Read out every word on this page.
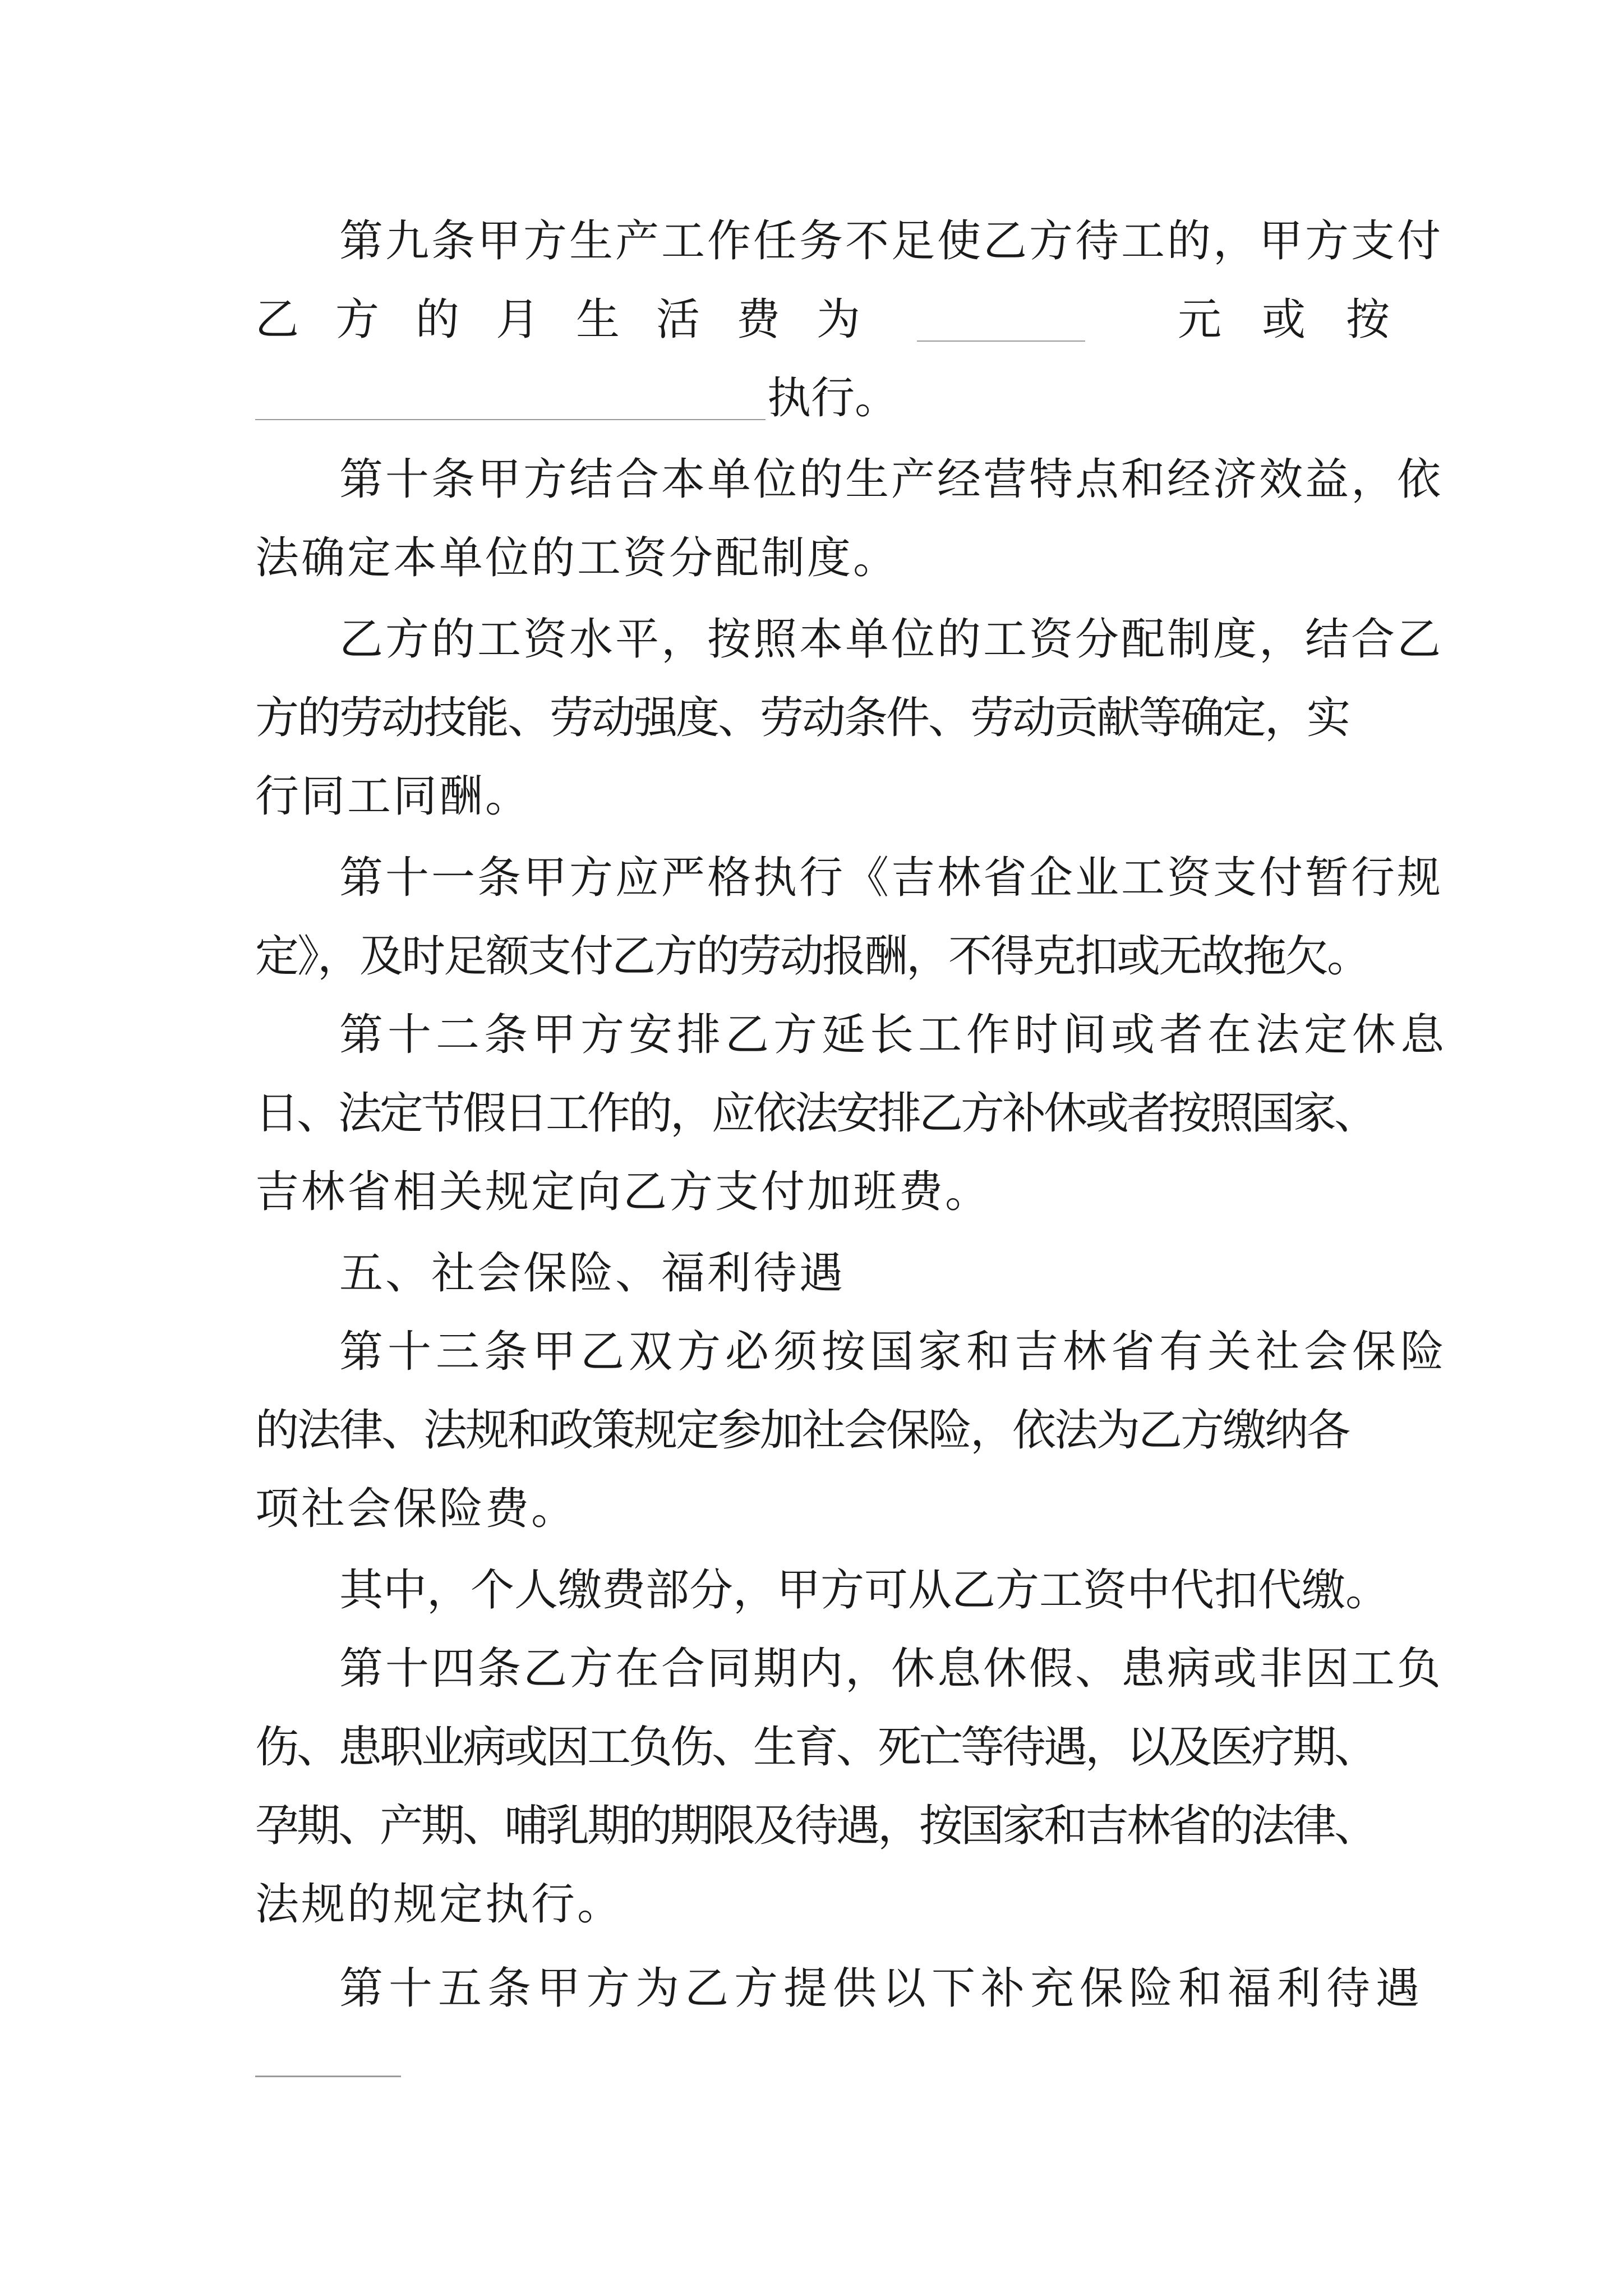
第九条甲方生产工作任务不足使乙方待工的，甲方支付
乙 方 的 月 生 活 费 为	元 或 按
执行。
第十条甲方结合本单位的生产经营特点和经济效益，依
法确定本单位的工资分配制度。
乙方的工资水平，按照本单位的工资分配制度，结合乙
方的劳动技能、劳动强度、劳动条件、劳动贡献等确定，实
行同工同酬。
第十一条甲方应严格执行《吉林省企业工资支付暂行规
定》，及时足额支付乙方的劳动报酬，不得克扣或无故拖欠。
第十二条甲方安排乙方延长工作时间或者在法定休息
日、法定节假日工作的，应依法安排乙方补休或者按照国家、
吉林省相关规定向乙方支付加班费。
五、社会保险、福利待遇
第十三条甲乙双方必须按国家和吉林省有关社会保险
的法律、法规和政策规定参加社会保险，依法为乙方缴纳各
项社会保险费。
其中，个人缴费部分，甲方可从乙方工资中代扣代缴。
第十四条乙方在合同期内，休息休假、患病或非因工负
伤、患职业病或因工负伤、生育、死亡等待遇，以及医疗期、
孕期、产期、哺乳期的期限及待遇，按国家和吉林省的法律、
法规的规定执行。
第十五条甲方为乙方提供以下补充保险和福利待遇
